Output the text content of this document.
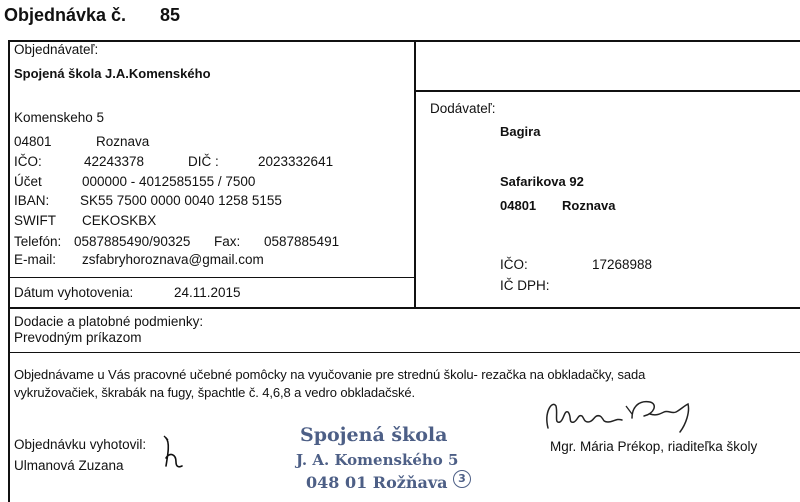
Objednávka č. 85
Objednávateľ:
Spojená škola J.A.Komenského
Komenskeho 5
04801	Roznava
IČO:	42243378	DIČ :	2023332641
Účet	000000 - 4012585155 / 7500
IBAN: SK55 7500 0000 0040 1258 5155
SWIFT CEKOSKBX
Telefón: 0587885490/90325 Fax: 0587885491
E-mail: zsfabryhoroznava@gmail.com
Dátum vyhotovenia:	24.11.2015
Dodávateľ:
Bagira
Safarikova 92
04801 Roznava
IČO:	17268988
IČ DPH:
Dodacie a platobné podmienky:
Prevodným príkazom
Objednávame u Vás pracovné učebné pomôcky na vyučovanie pre strednú školu- rezačka na obkladačky, sada
vykružovačiek, škrabák na fugy, špachtle č. 4,6,8 a vedro obkladačské.
Objednávku vyhotovil:
Ulmanová Zuzana
Spojená škola
J. A. Komenského 5
048 01 Rožňava 3
Mgr. Mária Prékop, riaditeľka školy
